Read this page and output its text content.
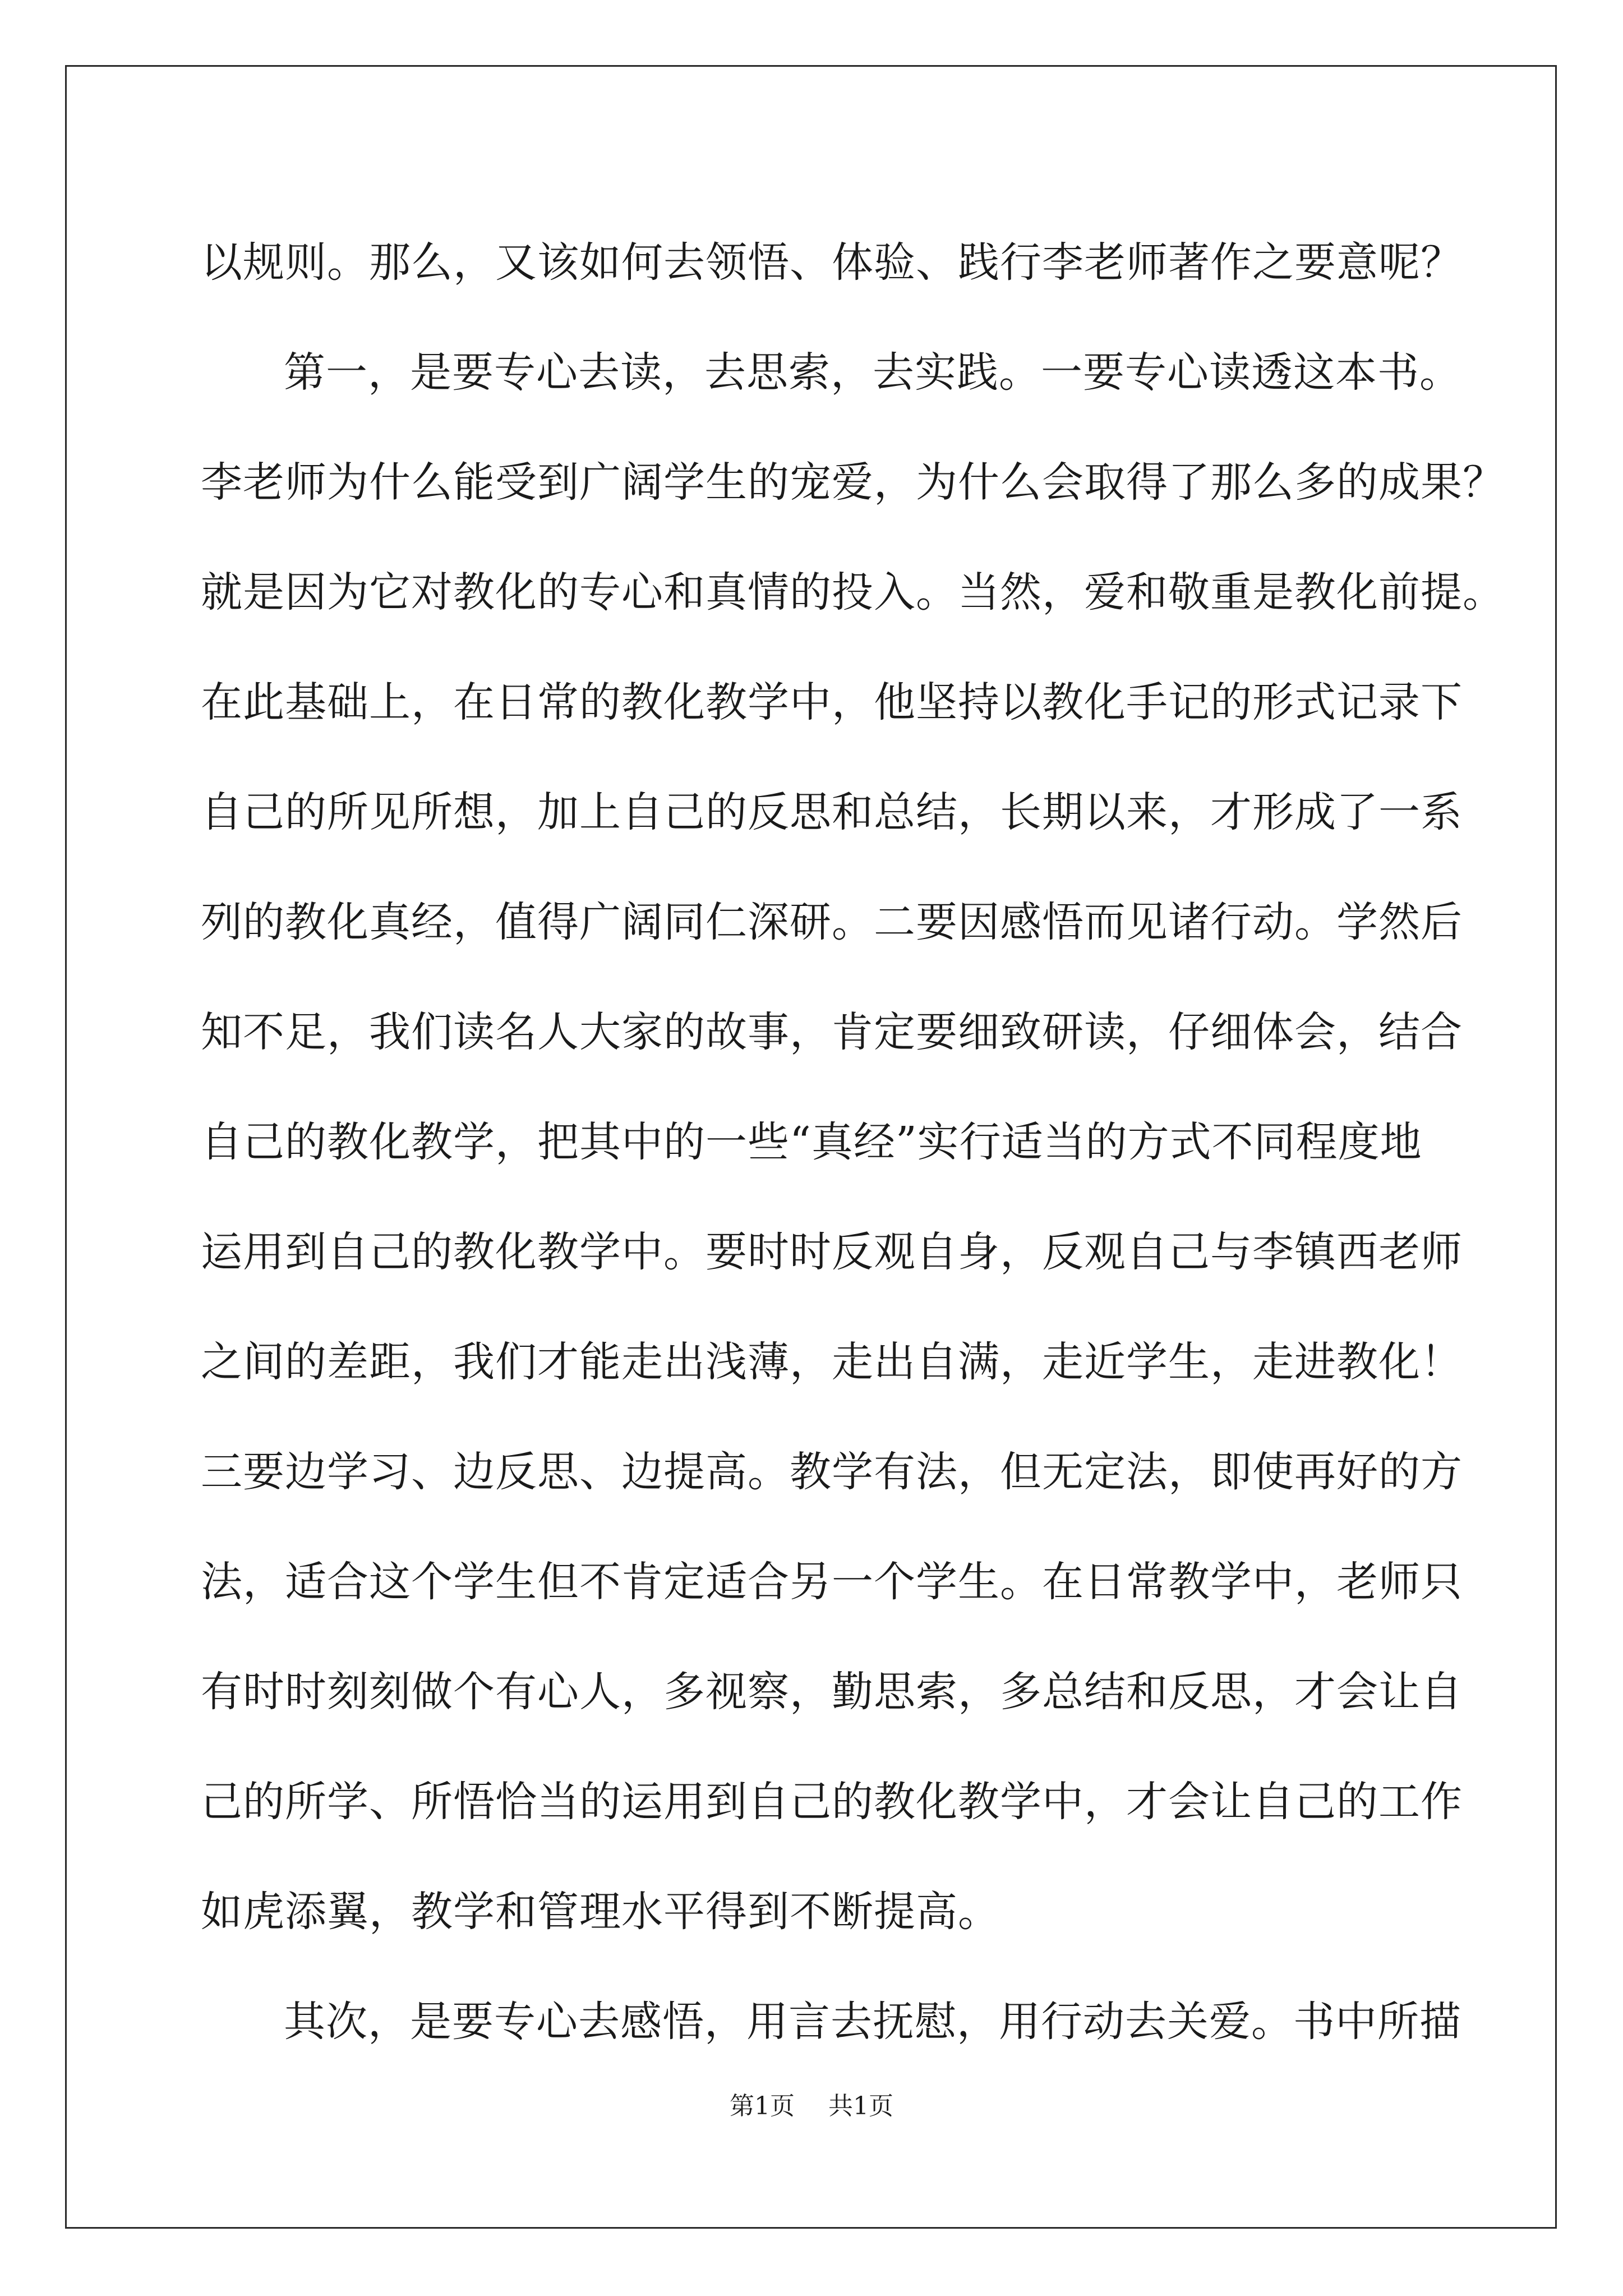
以规则。那么，又该如何去领悟、体验、践行李老师著作之要意呢？
第一，是要专心去读，去思索，去实践。一要专心读透这本书。
李老师为什么能受到广阔学生的宠爱，为什么会取得了那么多的成果？
就是因为它对教化的专心和真情的投入。当然，爱和敬重是教化前提。
在此基础上，在日常的教化教学中，他坚持以教化手记的形式记录下
自己的所见所想，加上自己的反思和总结，长期以来，才形成了一系
列的教化真经，值得广阔同仁深研。二要因感悟而见诸行动。学然后
知不足，我们读名人大家的故事，肯定要细致研读，仔细体会，结合
自己的教化教学，把其中的一些“真经”实行适当的方式不同程度地
运用到自己的教化教学中。要时时反观自身，反观自己与李镇西老师
之间的差距，我们才能走出浅薄，走出自满，走近学生，走进教化！
三要边学习、边反思、边提高。教学有法，但无定法，即使再好的方
法，适合这个学生但不肯定适合另一个学生。在日常教学中，老师只
有时时刻刻做个有心人，多视察，勤思索，多总结和反思，才会让自
己的所学、所悟恰当的运用到自己的教化教学中，才会让自己的工作
如虎添翼，教学和管理水平得到不断提高。
其次，是要专心去感悟，用言去抚慰，用行动去关爱。书中所描
第1页 共1页
